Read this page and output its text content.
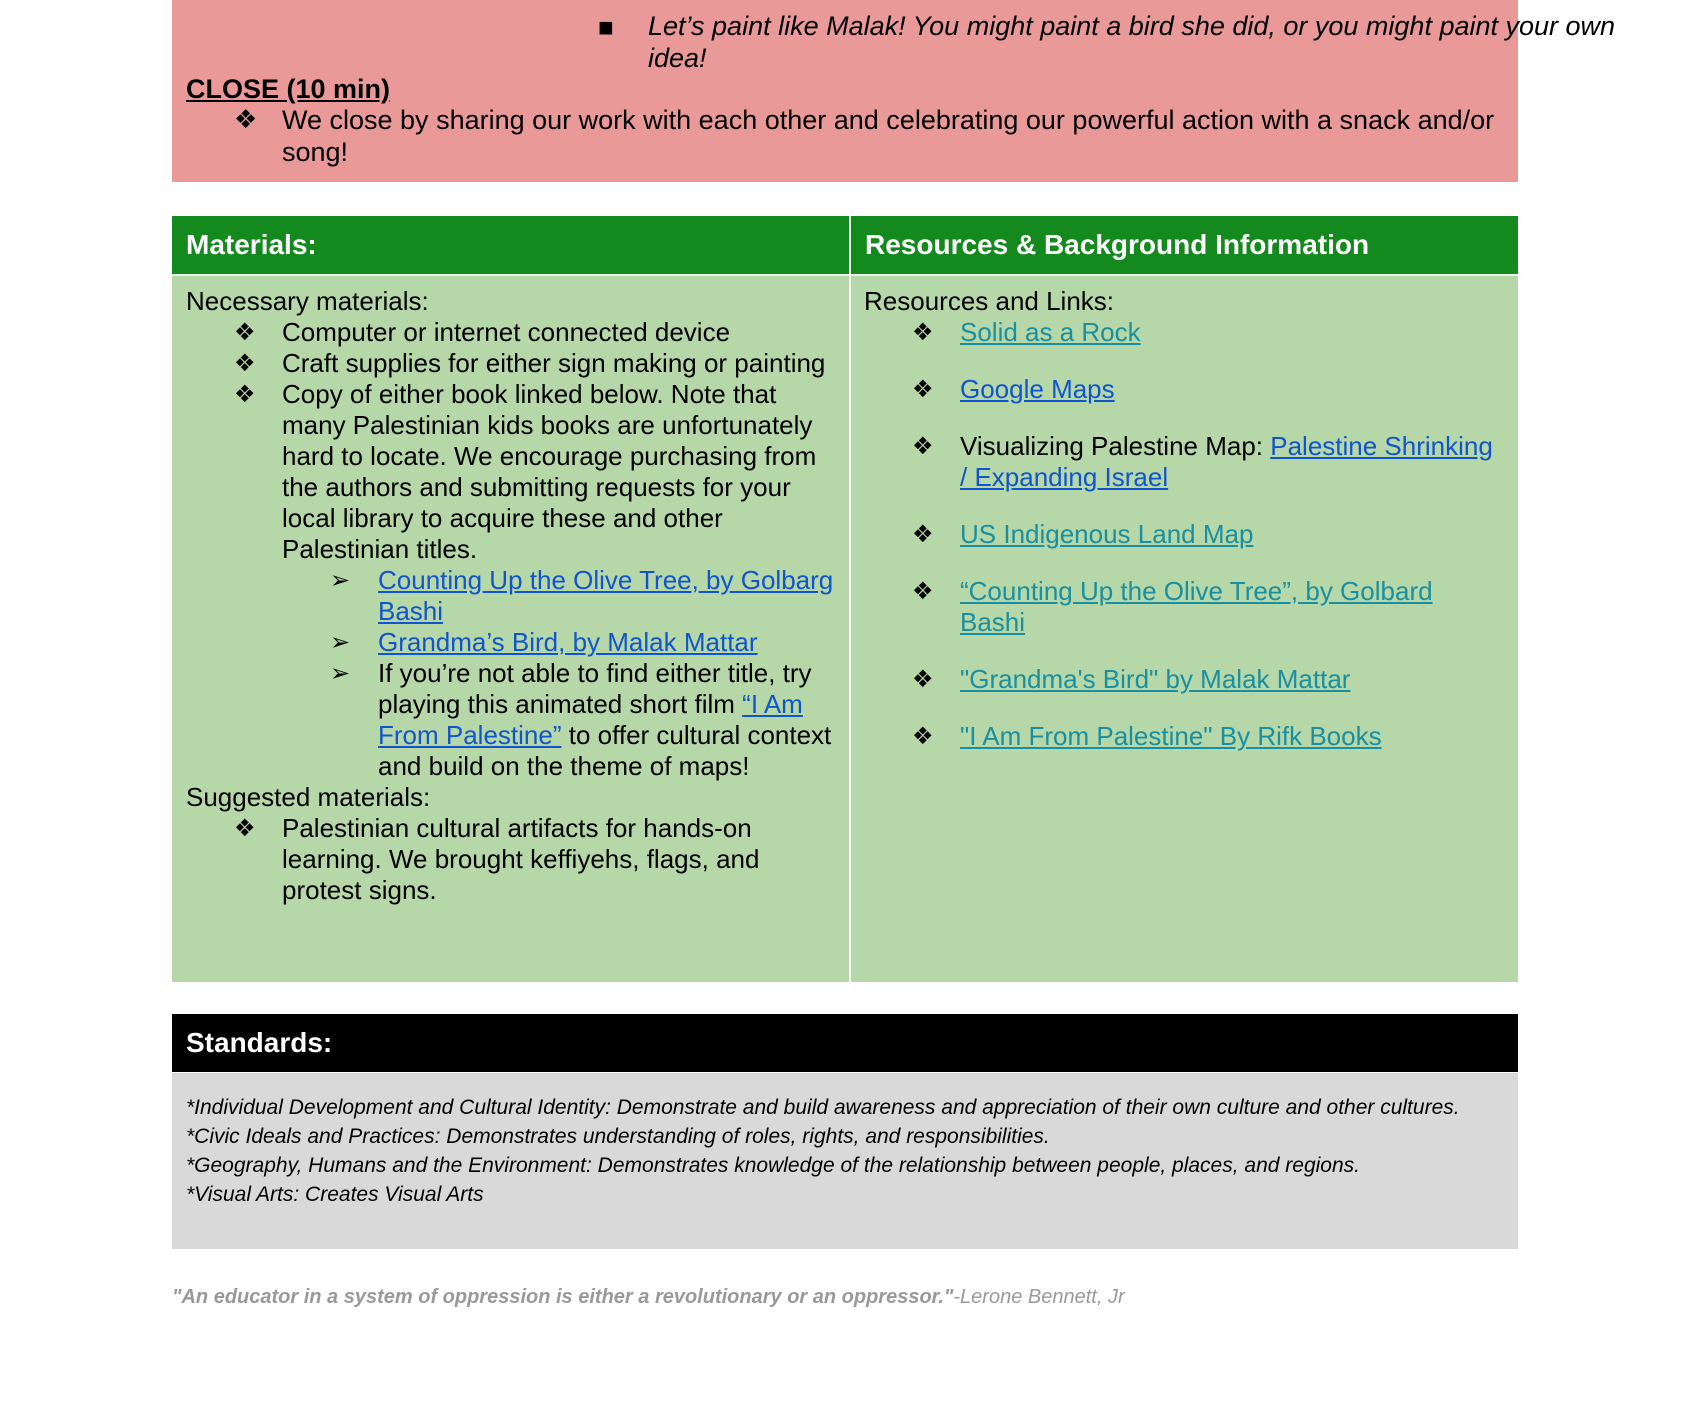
■ Let’s paint like Malak! You might paint a bird she did, or you might paint your own idea!
CLOSE (10 min)
❖ We close by sharing our work with each other and celebrating our powerful action with a snack and/or song!
Materials:	Resources & Background Information
Necessary materials:
❖ Computer or internet connected device
❖ Craft supplies for either sign making or painting
❖ Copy of either book linked below. Note that many Palestinian kids books are unfortunately hard to locate. We encourage purchasing from the authors and submitting requests for your local library to acquire these and other Palestinian titles.
➢ Counting Up the Olive Tree, by Golbarg Bashi
➢ Grandma’s Bird, by Malak Mattar
➢ If you’re not able to find either title, try playing this animated short film “I Am From Palestine” to offer cultural context and build on the theme of maps!
Suggested materials:
❖ Palestinian cultural artifacts for hands-on learning. We brought keffiyehs, flags, and protest signs.
Resources and Links:
❖ Solid as a Rock
❖ Google Maps
❖ Visualizing Palestine Map: Palestine Shrinking / Expanding Israel
❖ US Indigenous Land Map
❖ “Counting Up the Olive Tree”, by Golbard Bashi
❖ "Grandma's Bird" by Malak Mattar
❖ "I Am From Palestine" By Rifk Books
Standards:
*Individual Development and Cultural Identity: Demonstrate and build awareness and appreciation of their own culture and other cultures.
*Civic Ideals and Practices: Demonstrates understanding of roles, rights, and responsibilities.
*Geography, Humans and the Environment: Demonstrates knowledge of the relationship between people, places, and regions.
*Visual Arts: Creates Visual Arts
"An educator in a system of oppression is either a revolutionary or an oppressor."-Lerone Bennett, Jr
